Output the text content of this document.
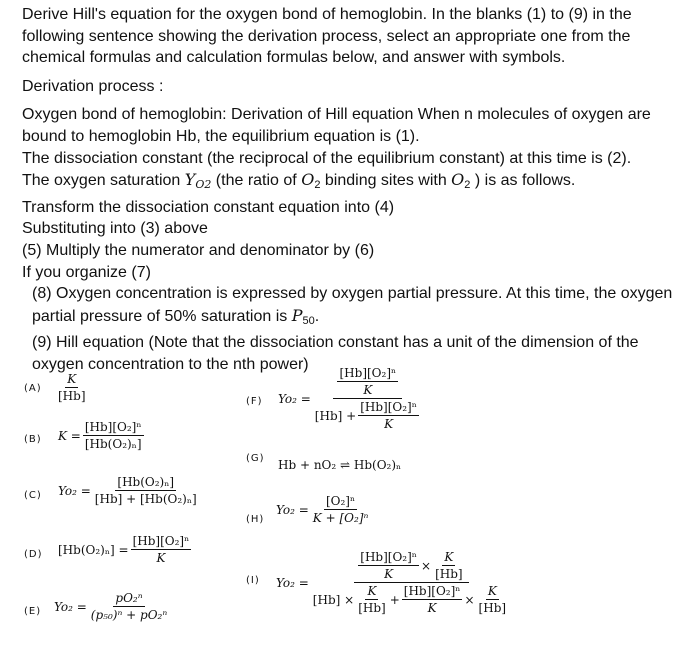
Derive Hill's equation for the oxygen bond of hemoglobin. In the blanks (1) to (9) in the following sentence showing the derivation process, select an appropriate one from the chemical formulas and calculation formulas below, and answer with symbols.

Derivation process :

Oxygen bond of hemoglobin: Derivation of Hill equation When n molecules of oxygen are bound to hemoglobin Hb, the equilibrium equation is (1).

The dissociation constant (the reciprocal of the equilibrium constant) at this time is (2).

The oxygen saturation $Y_{O2}$ (the ratio of $O_2$ binding sites with $O_2$ ) is as follows.

Transform the dissociation constant equation into (4)

Substituting into (3) above

(5) Multiply the numerator and denominator by (6)

If you organize (7)

(8) Oxygen concentration is expressed by oxygen partial pressure. At this time, the oxygen partial pressure of 50% saturation is $P_{50}$.

(9) Hill equation (Note that the dissociation constant has a unit of the dimension of the oxygen concentration to the nth power)

$(A) \frac{K}{[Hb]}$
(B) $K = \frac{\text{[Hb][O₂]ⁿ}}{\text{[Hb(O₂)ₙ]}}$
(C) $Yo_2 = \frac{\text{[Hb(O₂)ₙ]}}{\text{[Hb] + [Hb(O₂)ₙ]}}$
(D) $[Hb(O_2)_n] = \frac{\text{[Hb][O₂]ⁿ}}{K}$
(E) $Yo_2 = \frac{\text{pO₂ⁿ}}{\text{(p₅₀)ⁿ + pO₂ⁿ}}$
(F) $Yo_2 = \frac{\frac{\text{[Hb][O₂]ⁿ}}{K}}{[Hb] + \frac{\text{[Hb][O₂]ⁿ}}{K}}$
(G) Hb + nO₂ ⇌ Hb(O₂)ₙ
(H)
$Yo_2 = \frac{\text{[O₂]ⁿ}}{\text{K + [O₂]ⁿ}}$
(I) Yo₂ =
$\frac{\text{[Hb][O₂]ⁿ}}{K} \times \frac{K}{[Hb]}$
$[Hb] \times \frac{K}{[Hb]} + \frac{\text{[Hb][O₂]ⁿ}}{K} \times \frac{K}{[Hb]}$
